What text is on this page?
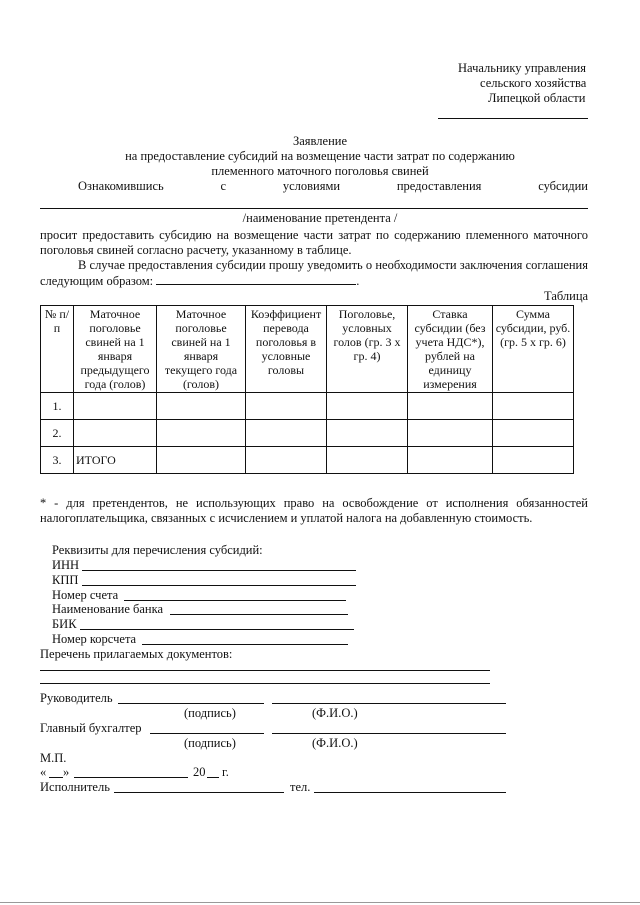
Начальнику управления
сельского хозяйства
Липецкой области
Заявление
на предоставление субсидий на возмещение части затрат по содержанию
племенного маточного поголовья свиней
Ознакомившись	с	условиями	предоставления	субсидии
/наименование претендента /
просит предоставить субсидию на возмещение части затрат по содержанию племенного маточного поголовья свиней согласно расчету, указанному в таблице.
В случае предоставления субсидии прошу уведомить о необходимости заключения соглашения следующим образом:	.
Таблица
№ п/п	Маточное поголовье свиней на 1 января предыдущего года (голов)	Маточное поголовье свиней на 1 января текущего года (голов)	Коэффициент перевода поголовья в условные головы	Поголовье, условных голов (гр. 3 х гр. 4)	Ставка субсидии (без учета НДС*), рублей на единицу измерения	Сумма субсидии, руб. (гр. 5 х гр. 6)
1.						
2.						
3.	ИТОГО					
* - для претендентов, не использующих право на освобождение от исполнения обязанностей налогоплательщика, связанных с исчислением и уплатой налога на добавленную стоимость.
Реквизиты для перечисления субсидий:
ИНН
КПП
Номер счета
Наименование банка
БИК
Номер корсчета
Перечень прилагаемых документов:
Руководитель
(подпись)	(Ф.И.О.)
Главный бухгалтер
(подпись)	(Ф.И.О.)
М.П.
« »	20 г.
Исполнитель	тел.
